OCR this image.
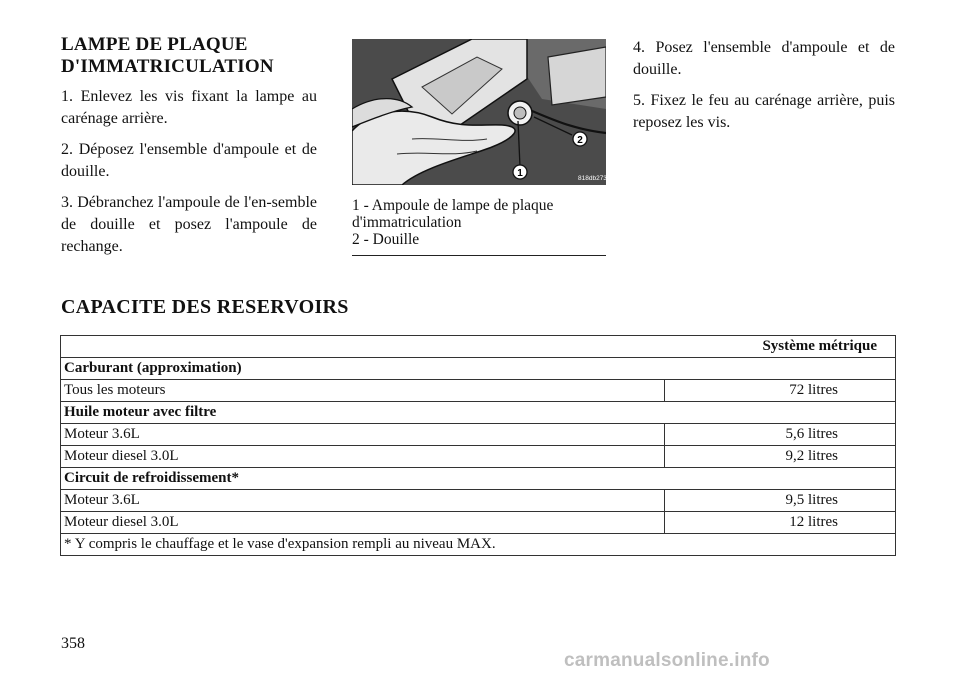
LAMPE DE PLAQUE D'IMMATRICULATION

1. Enlevez les vis fixant la lampe au carénage arrière.

2. Déposez l'ensemble d'ampoule et de douille.

3. Débranchez l'ampoule de l'en-semble de douille et posez l'ampoule de rechange.

1
2
818db273
1 - Ampoule de lampe de plaque d'immatriculation
2 - Douille

4. Posez l'ensemble d'ampoule et de douille.

5. Fixez le feu au carénage arrière, puis reposez les vis.

CAPACITE DES RESERVOIRS
Système métrique	
Carburant (approximation)	
Tous les moteurs	72 litres
Huile moteur avec filtre	
Moteur 3.6L	5,6 litres
Moteur diesel 3.0L	9,2 litres
Circuit de refroidissement*	
Moteur 3.6L	9,5 litres
Moteur diesel 3.0L	12 litres
* Y compris le chauffage et le vase d'expansion rempli au niveau MAX.	
358
carmanualsonline.info
